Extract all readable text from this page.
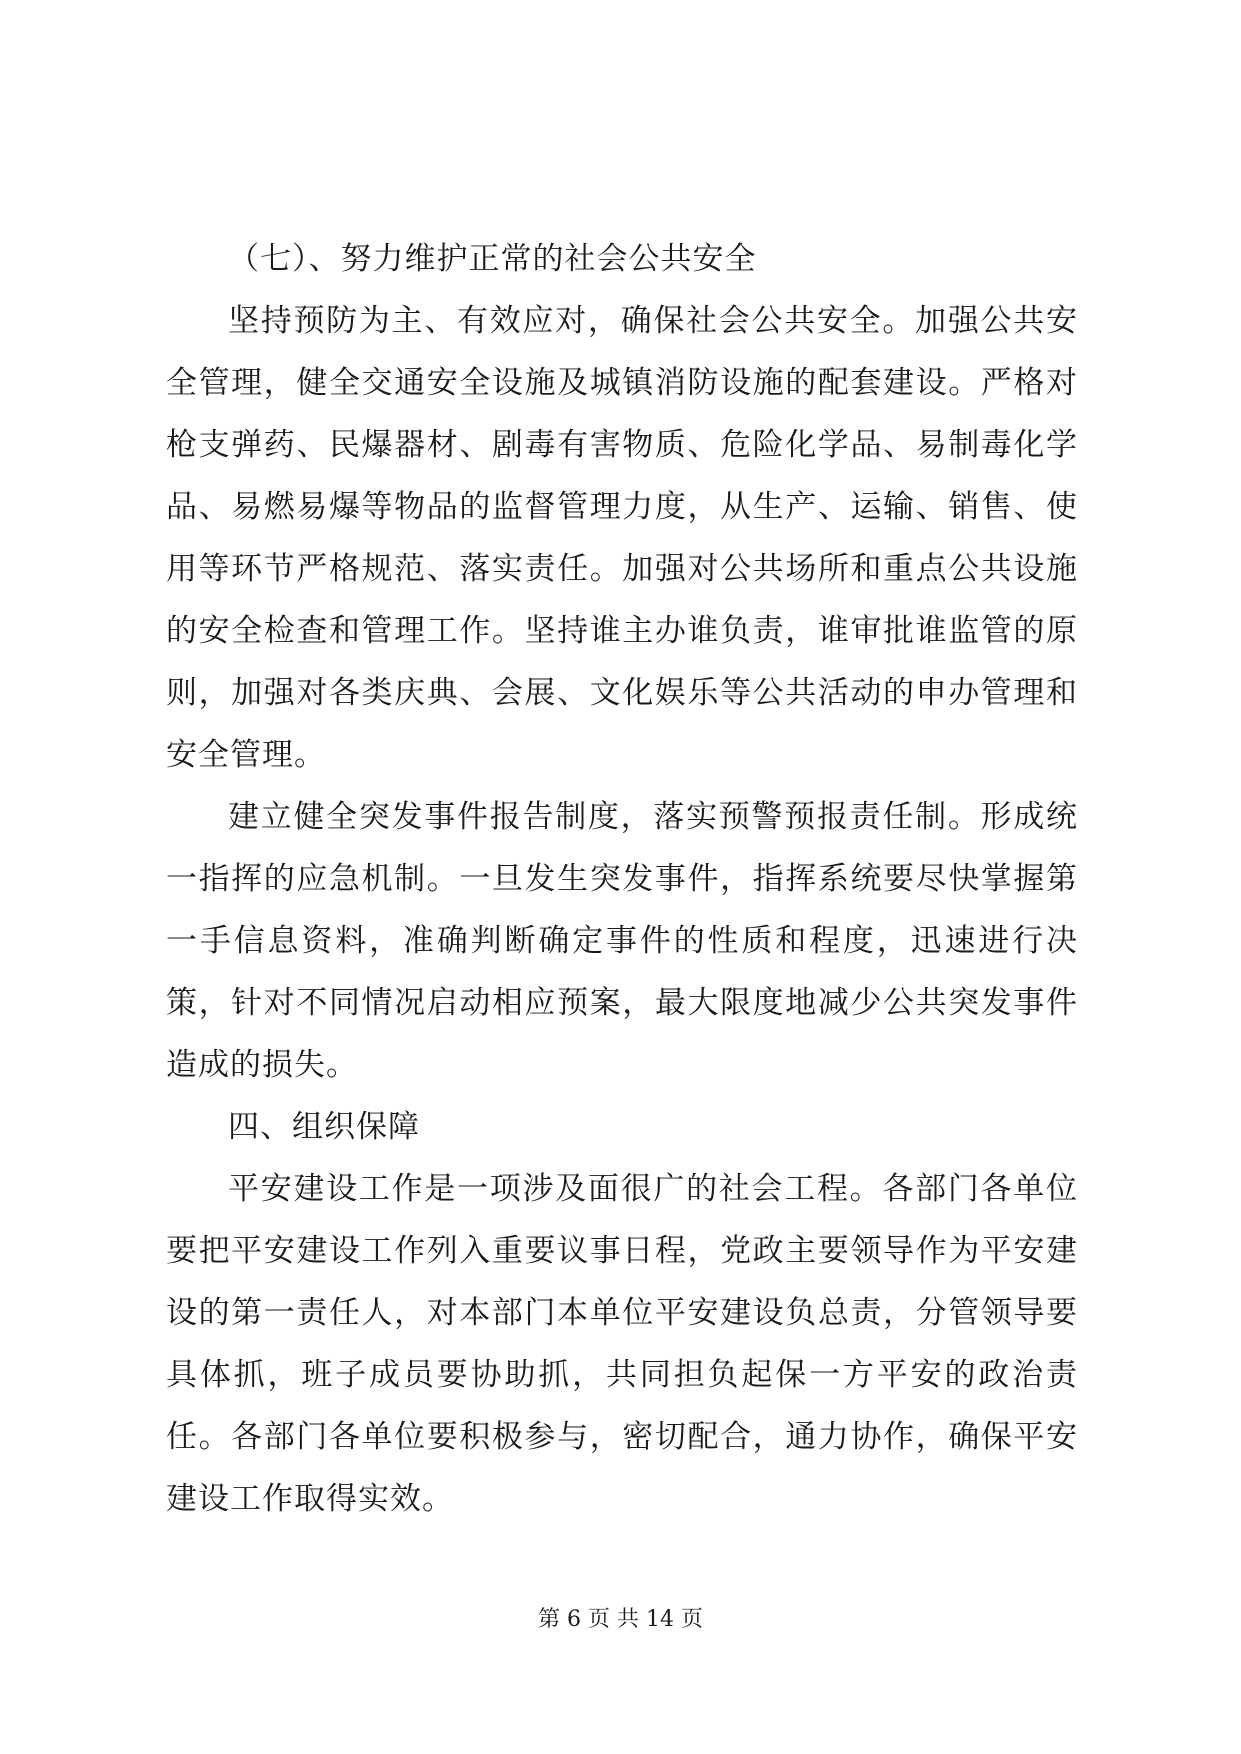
（七）、努力维护正常的社会公共安全

坚持预防为主、有效应对，确保社会公共安全。加强公共安全管理，健全交通安全设施及城镇消防设施的配套建设。严格对枪支弹药、民爆器材、剧毒有害物质、危险化学品、易制毒化学品、易燃易爆等物品的监督管理力度，从生产、运输、销售、使用等环节严格规范、落实责任。加强对公共场所和重点公共设施的安全检查和管理工作。坚持谁主办谁负责，谁审批谁监管的原则，加强对各类庆典、会展、文化娱乐等公共活动的申办管理和安全管理。

建立健全突发事件报告制度，落实预警预报责任制。形成统一指挥的应急机制。一旦发生突发事件，指挥系统要尽快掌握第一手信息资料，准确判断确定事件的性质和程度，迅速进行决策，针对不同情况启动相应预案，最大限度地减少公共突发事件造成的损失。

四、组织保障

平安建设工作是一项涉及面很广的社会工程。各部门各单位要把平安建设工作列入重要议事日程，党政主要领导作为平安建设的第一责任人，对本部门本单位平安建设负总责，分管领导要具体抓，班子成员要协助抓，共同担负起保一方平安的政治责任。各部门各单位要积极参与，密切配合，通力协作，确保平安建设工作取得实效。

第 6 页 共 14 页
